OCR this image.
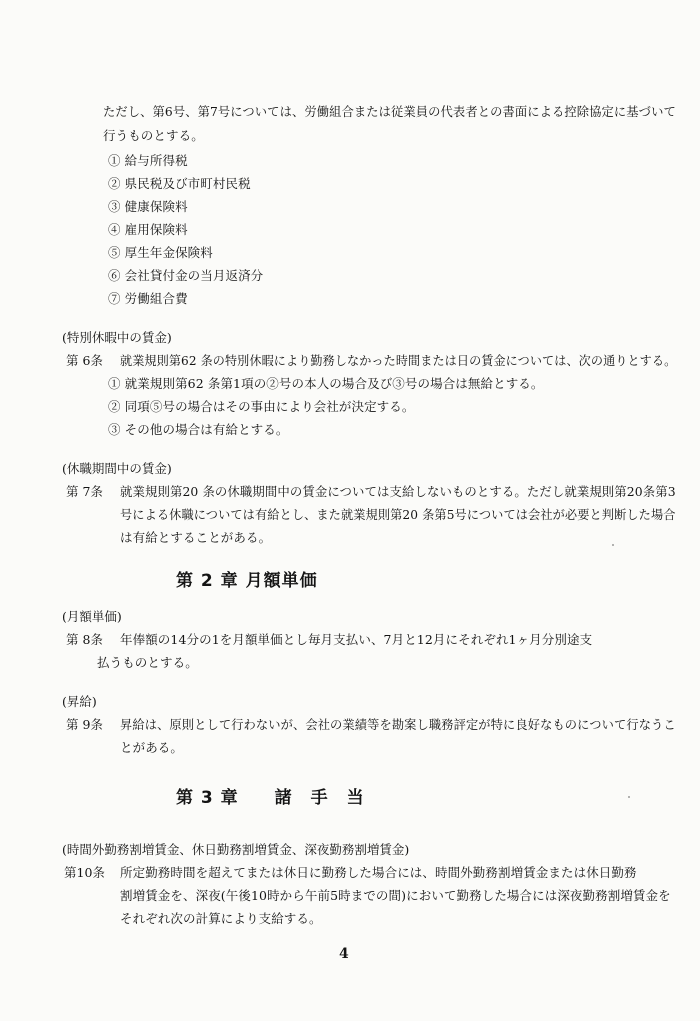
ただし、第6号、第7号については、労働組合または従業員の代表者との書面による控除協定に基づいて
行うものとする。
① 給与所得税
② 県民税及び市町村民税
③ 健康保険料
④ 雇用保険料
⑤ 厚生年金保険料
⑥ 会社貸付金の当月返済分
⑦ 労働組合費
(特別休暇中の賃金)
第 6条 就業規則第62 条の特別休暇により勤務しなかった時間または日の賃金については、次の通りとする。
① 就業規則第62 条第1項の②号の本人の場合及び③号の場合は無給とする。
② 同項⑤号の場合はその事由により会社が決定する。
③ その他の場合は有給とする。
(休職期間中の賃金)
第 7条 就業規則第20 条の休職期間中の賃金については支給しないものとする。ただし就業規則第20条第3
号による休職については有給とし、また就業規則第20 条第5号については会社が必要と判断した場合
は有給とすることがある。
第 2 章 月額単価
(月額単価)
第 8条 年俸額の14分の1を月額単価とし毎月支払い、7月と12月にそれぞれ1ヶ月分別途支
払うものとする。
(昇給)
第 9条 昇給は、原則として行わないが、会社の業績等を勘案し職務評定が特に良好なものについて行なうこ
とがある。
第 3 章　　諸　手　当
(時間外勤務割増賃金、休日勤務割増賃金、深夜勤務割増賃金)
第10条 所定勤務時間を超えてまたは休日に勤務した場合には、時間外勤務割増賃金または休日勤務
割増賃金を、深夜(午後10時から午前5時までの間)において勤務した場合には深夜勤務割増賃金を
それぞれ次の計算により支給する。
4
